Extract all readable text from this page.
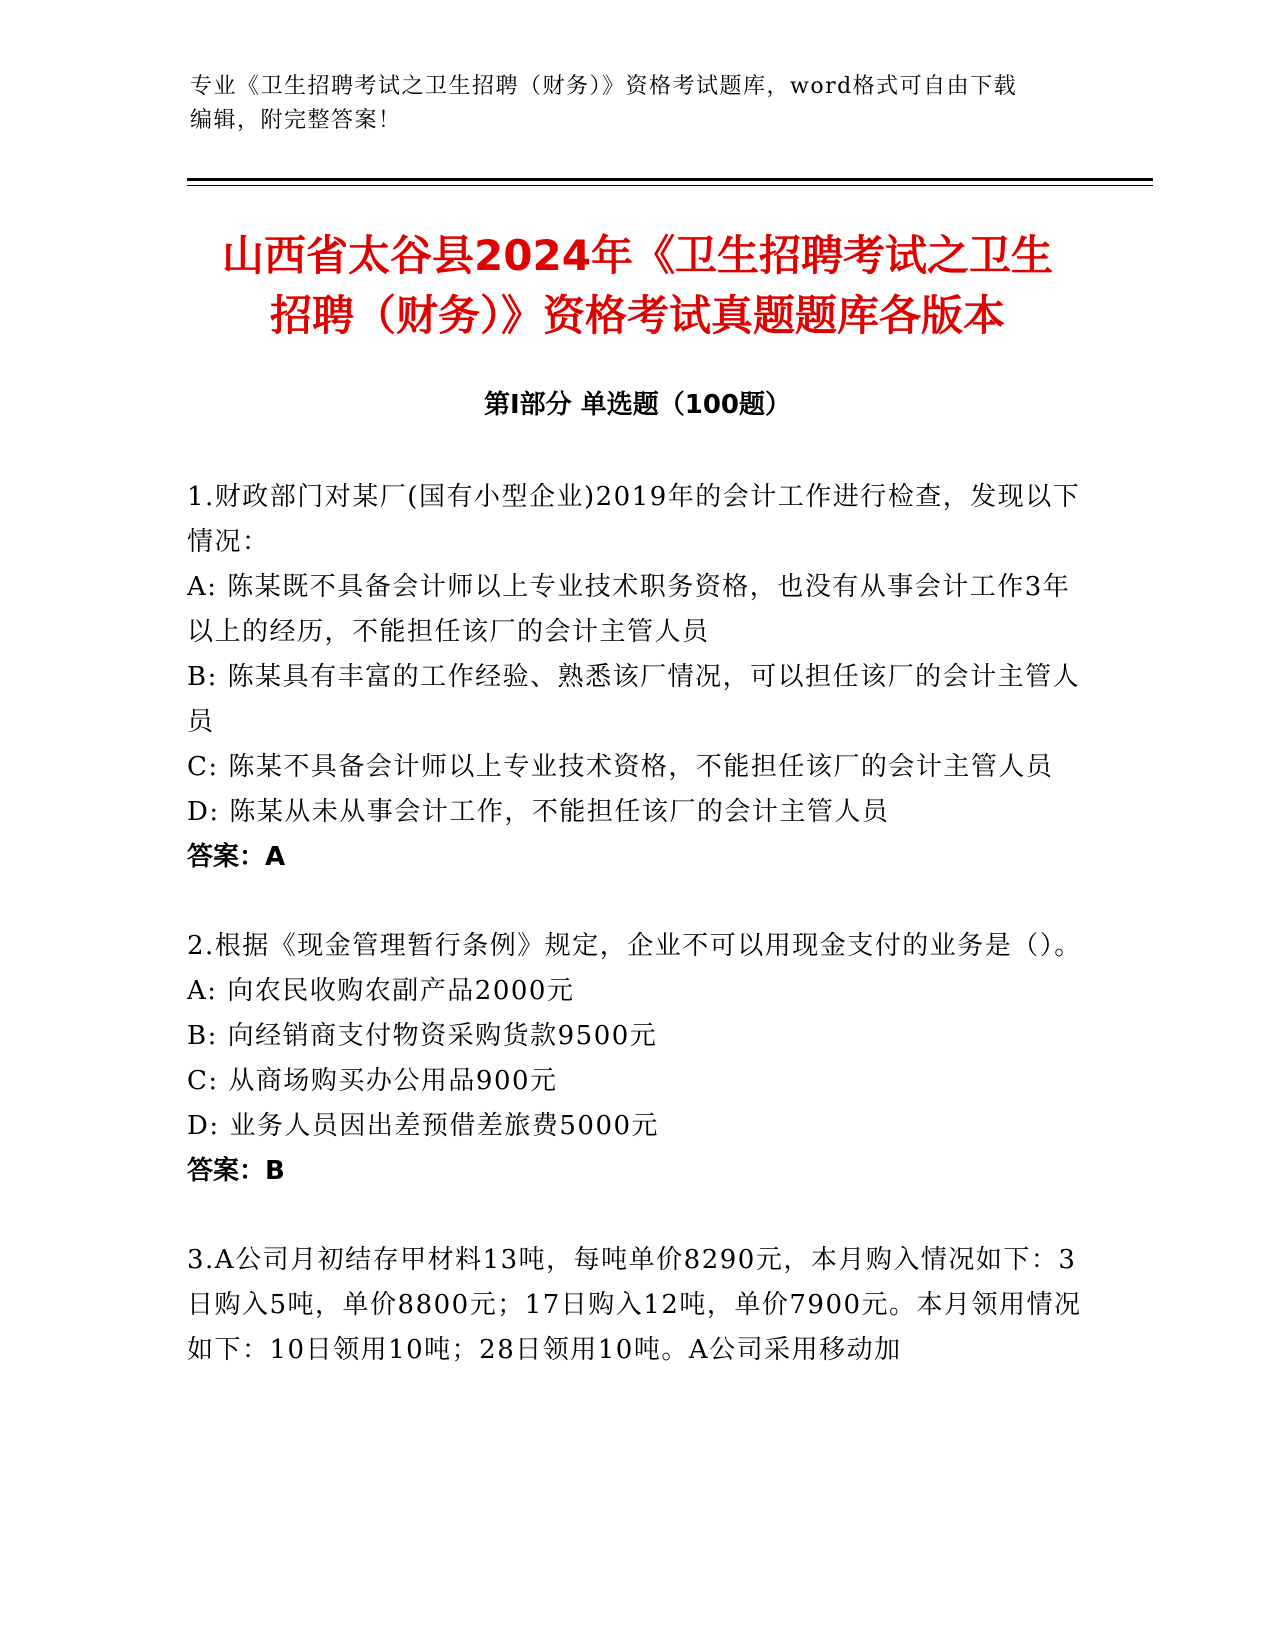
专业《卫生招聘考试之卫生招聘（财务）》资格考试题库，word格式可自由下载
编辑，附完整答案！
山西省太谷县2024年《卫生招聘考试之卫生
招聘（财务）》资格考试真题题库各版本
第Ⅰ部分 单选题（100题）
1.财政部门对某厂(国有小型企业)2019年的会计工作进行检查，发现以下情况：
A: 陈某既不具备会计师以上专业技术职务资格，也没有从事会计工作3年以上的经历，不能担任该厂的会计主管人员
B: 陈某具有丰富的工作经验、熟悉该厂情况，可以担任该厂的会计主管人员
C: 陈某不具备会计师以上专业技术资格，不能担任该厂的会计主管人员
D: 陈某从未从事会计工作，不能担任该厂的会计主管人员
答案：A
2.根据《现金管理暂行条例》规定，企业不可以用现金支付的业务是（）。
A: 向农民收购农副产品2000元
B: 向经销商支付物资采购货款9500元
C: 从商场购买办公用品900元
D: 业务人员因出差预借差旅费5000元
答案：B
3.A公司月初结存甲材料13吨，每吨单价8290元，本月购入情况如下：3日购入5吨，单价8800元；17日购入12吨，单价7900元。本月领用情况如下：10日领用10吨；28日领用10吨。A公司采用移动加
